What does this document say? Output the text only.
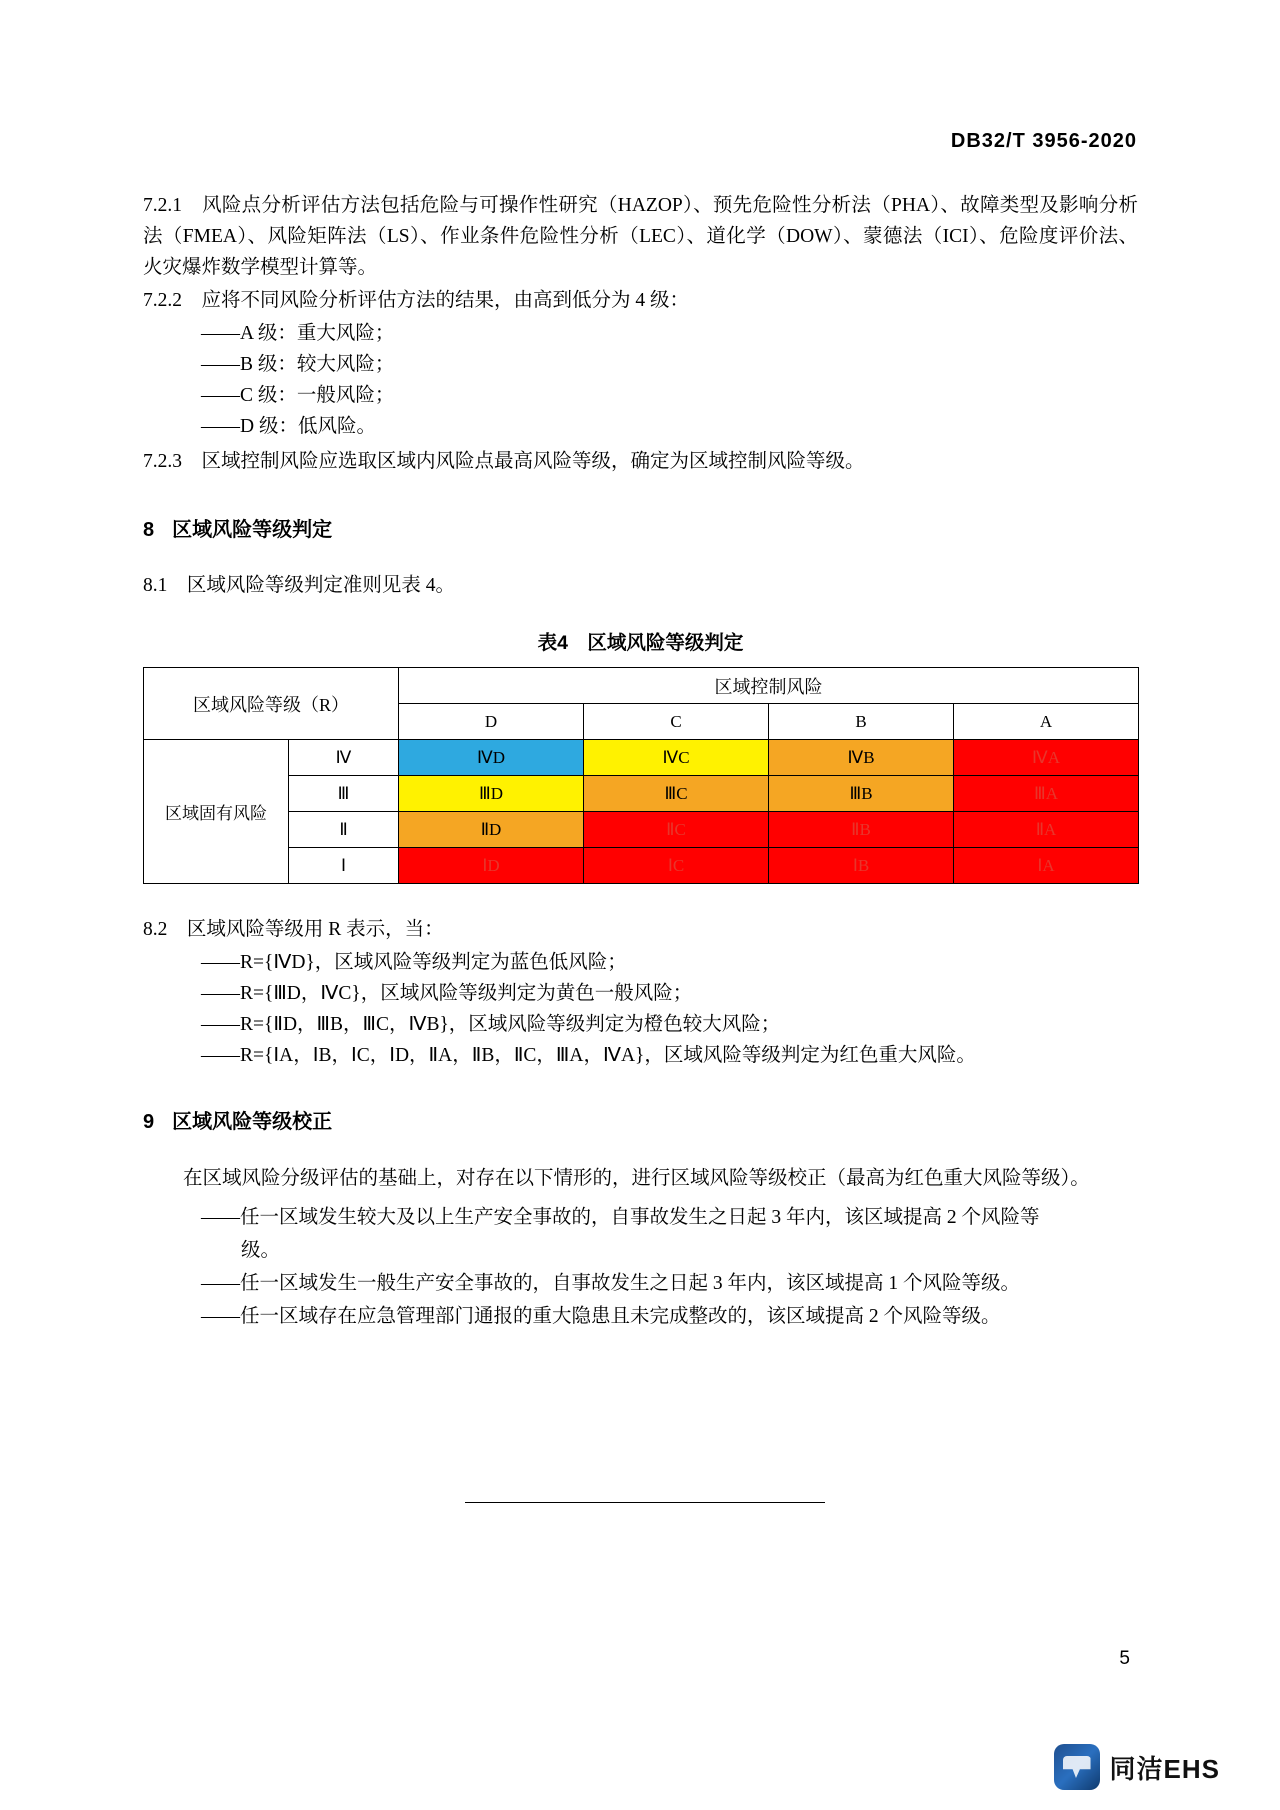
DB32/T 3956-2020

7.2.1　风险点分析评估方法包括危险与可操作性研究（HAZOP）、预先危险性分析法（PHA）、故障类型及影响分析法（FMEA）、风险矩阵法（LS）、作业条件危险性分析（LEC）、道化学（DOW）、蒙德法（ICI）、危险度评价法、火灾爆炸数学模型计算等。

7.2.2　应将不同风险分析评估方法的结果，由高到低分为 4 级：

——A 级：重大风险；
——B 级：较大风险；
——C 级：一般风险；
——D 级：低风险。

7.2.3　区域控制风险应选取区域内风险点最高风险等级，确定为区域控制风险等级。

8 区域风险等级判定

8.1　区域风险等级判定准则见表 4。

表4　区域风险等级判定
区域风险等级（R）		区域控制风险			
		D	C	B	A
区域固有风险	Ⅳ	ⅣD	ⅣC	ⅣB	ⅣA
	Ⅲ	ⅢD	ⅢC	ⅢB	ⅢA
	Ⅱ	ⅡD	ⅡC	ⅡB	ⅡA
	Ⅰ	ⅠD	ⅠC	ⅠB	ⅠA

8.2　区域风险等级用 R 表示，当：

——R={ⅣD}，区域风险等级判定为蓝色低风险；
——R={ⅢD，ⅣC}，区域风险等级判定为黄色一般风险；
——R={ⅡD，ⅢB，ⅢC，ⅣB}，区域风险等级判定为橙色较大风险；
——R={ⅠA，ⅠB，ⅠC，ⅠD，ⅡA，ⅡB，ⅡC，ⅢA，ⅣA}，区域风险等级判定为红色重大风险。
9 区域风险等级校正

在区域风险分级评估的基础上，对存在以下情形的，进行区域风险等级校正（最高为红色重大风险等级）。

——任一区域发生较大及以上生产安全事故的，自事故发生之日起 3 年内，该区域提高 2 个风险等
级。
——任一区域发生一般生产安全事故的，自事故发生之日起 3 年内，该区域提高 1 个风险等级。
——任一区域存在应急管理部门通报的重大隐患且未完成整改的，该区域提高 2 个风险等级。
5
同洁EHS
